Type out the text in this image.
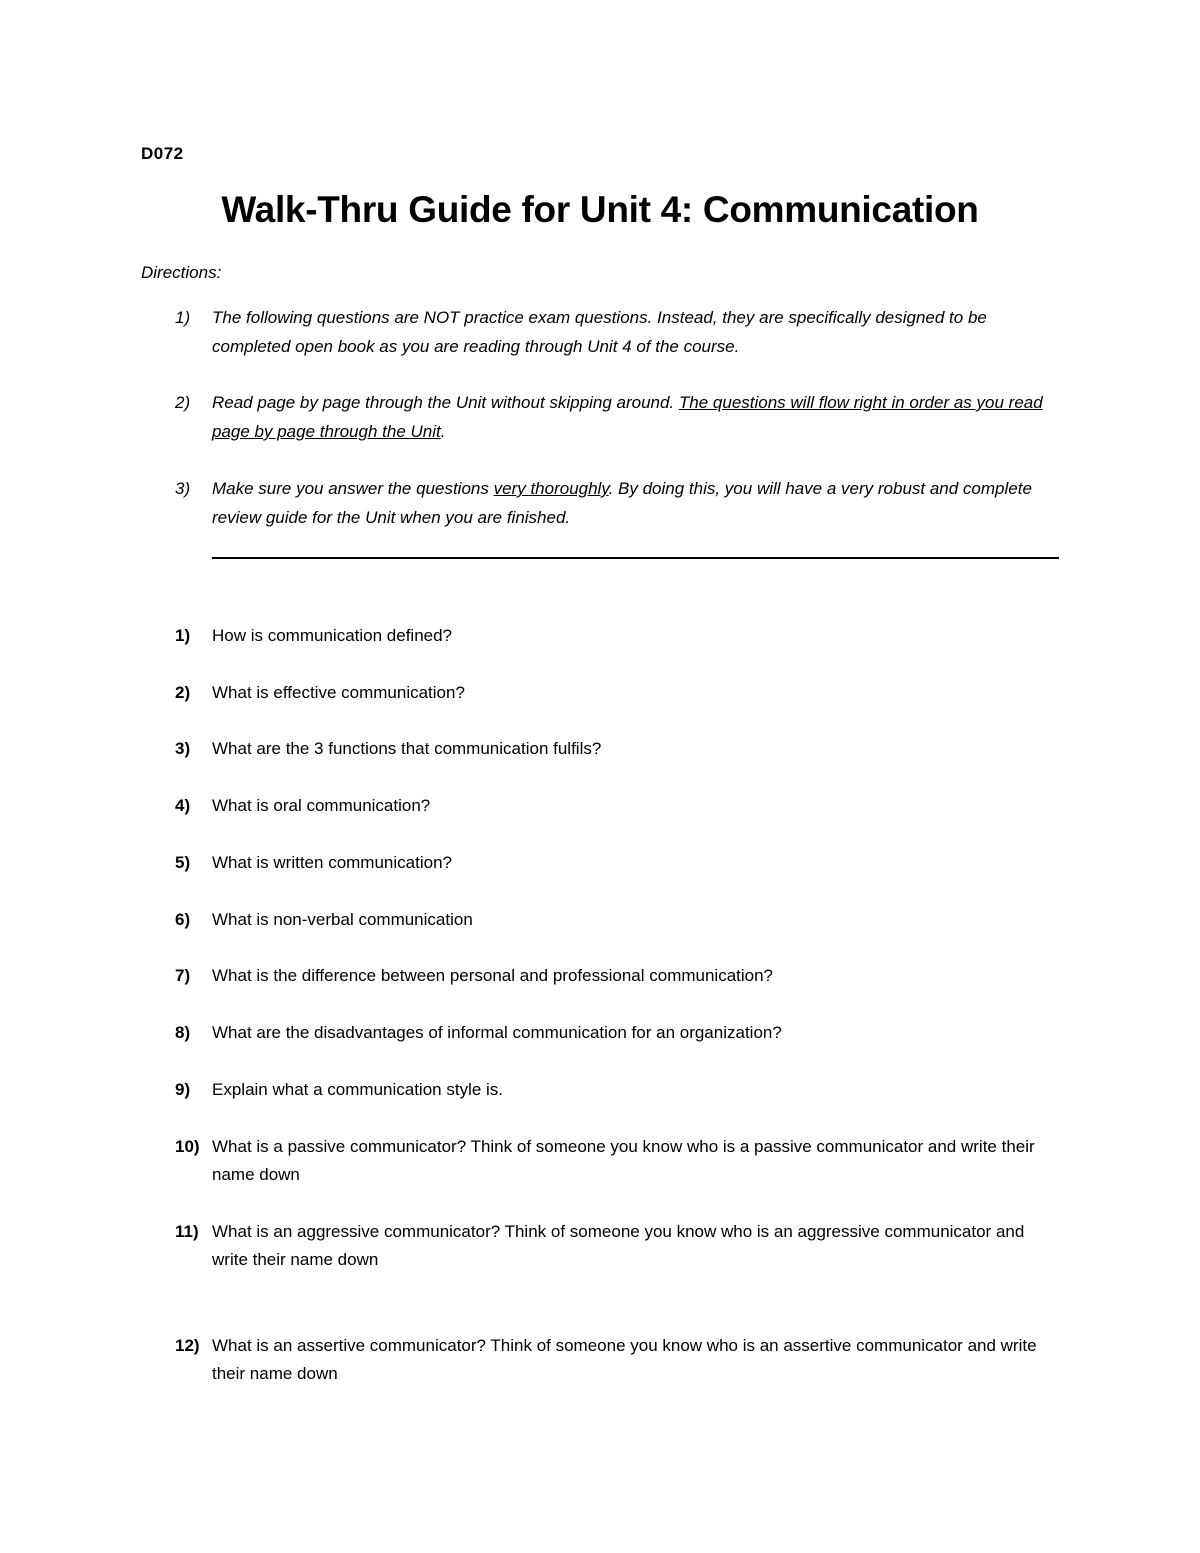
D072
Walk-Thru Guide for Unit 4: Communication
Directions:
1) The following questions are NOT practice exam questions. Instead, they are specifically designed to be completed open book as you are reading through Unit 4 of the course.
2) Read page by page through the Unit without skipping around. The questions will flow right in order as you read page by page through the Unit.
3) Make sure you answer the questions very thoroughly. By doing this, you will have a very robust and complete review guide for the Unit when you are finished.
1) How is communication defined?
2) What is effective communication?
3) What are the 3 functions that communication fulfils?
4) What is oral communication?
5) What is written communication?
6) What is non-verbal communication
7) What is the difference between personal and professional communication?
8) What are the disadvantages of informal communication for an organization?
9) Explain what a communication style is.
10) What is a passive communicator? Think of someone you know who is a passive communicator and write their name down
11) What is an aggressive communicator? Think of someone you know who is an aggressive communicator and write their name down
12) What is an assertive communicator? Think of someone you know who is an assertive communicator and write their name down
